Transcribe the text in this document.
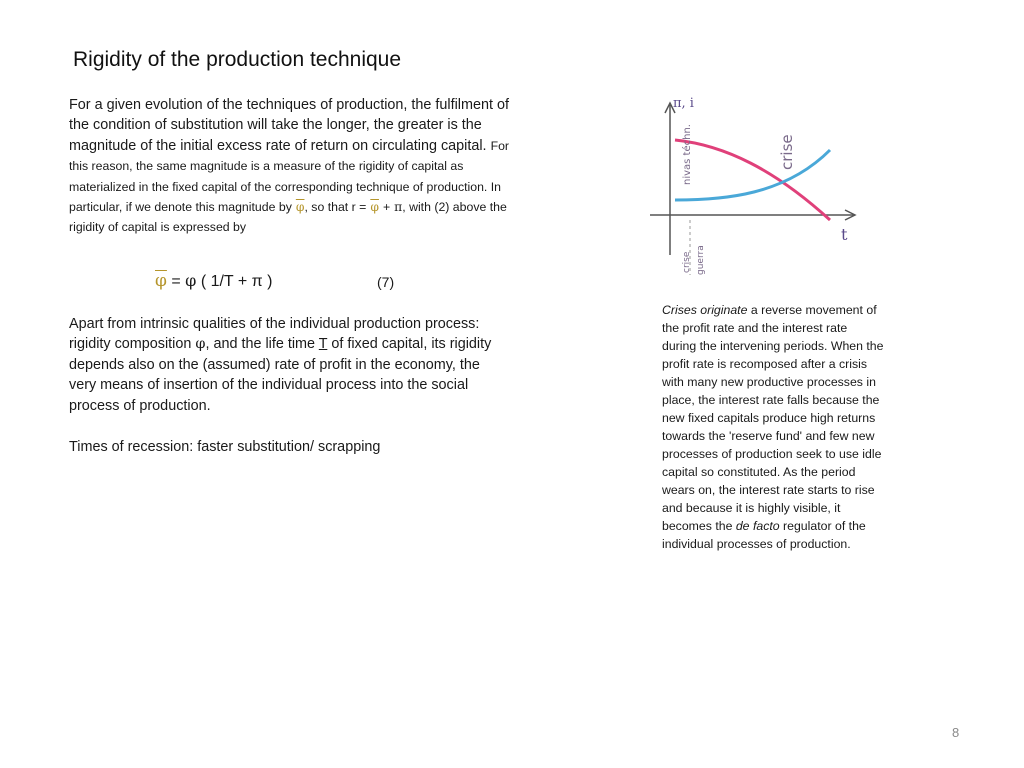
Rigidity of the production technique
For a given evolution of the techniques of production, the fulfilment of the condition of substitution will take the longer, the greater is the magnitude of the initial excess rate of return on circulating capital. For this reason, the same magnitude is a measure of the rigidity of capital as materialized in the fixed capital of the corresponding technique of production. In particular, if we denote this magnitude by $\overline{\varphi}$, so that $r = \overline{\varphi} + \pi$, with (2) above the rigidity of capital is expressed by
$\overline{\varphi} = \varphi$ ( 1/T + π )	(7)
Apart from intrinsic qualities of the individual production process: rigidity composition φ, and the life time T of fixed capital, its rigidity depends also on the (assumed) rate of profit in the economy, the very means of insertion of the individual process into the social process of production.
Times of recession: faster substitution/ scrapping
π, i
t
nivas téchn.	crise
crise guerra
Crises originate a reverse movement of the profit rate and the interest rate during the intervening periods. When the profit rate is recomposed after a crisis with many new productive processes in place, the interest rate falls because the new fixed capitals produce high returns towards the 'reserve fund' and few new processes of production seek to use idle capital so constituted. As the period wears on, the interest rate starts to rise and because it is highly visible, it becomes the de facto regulator of the individual processes of production.
8
